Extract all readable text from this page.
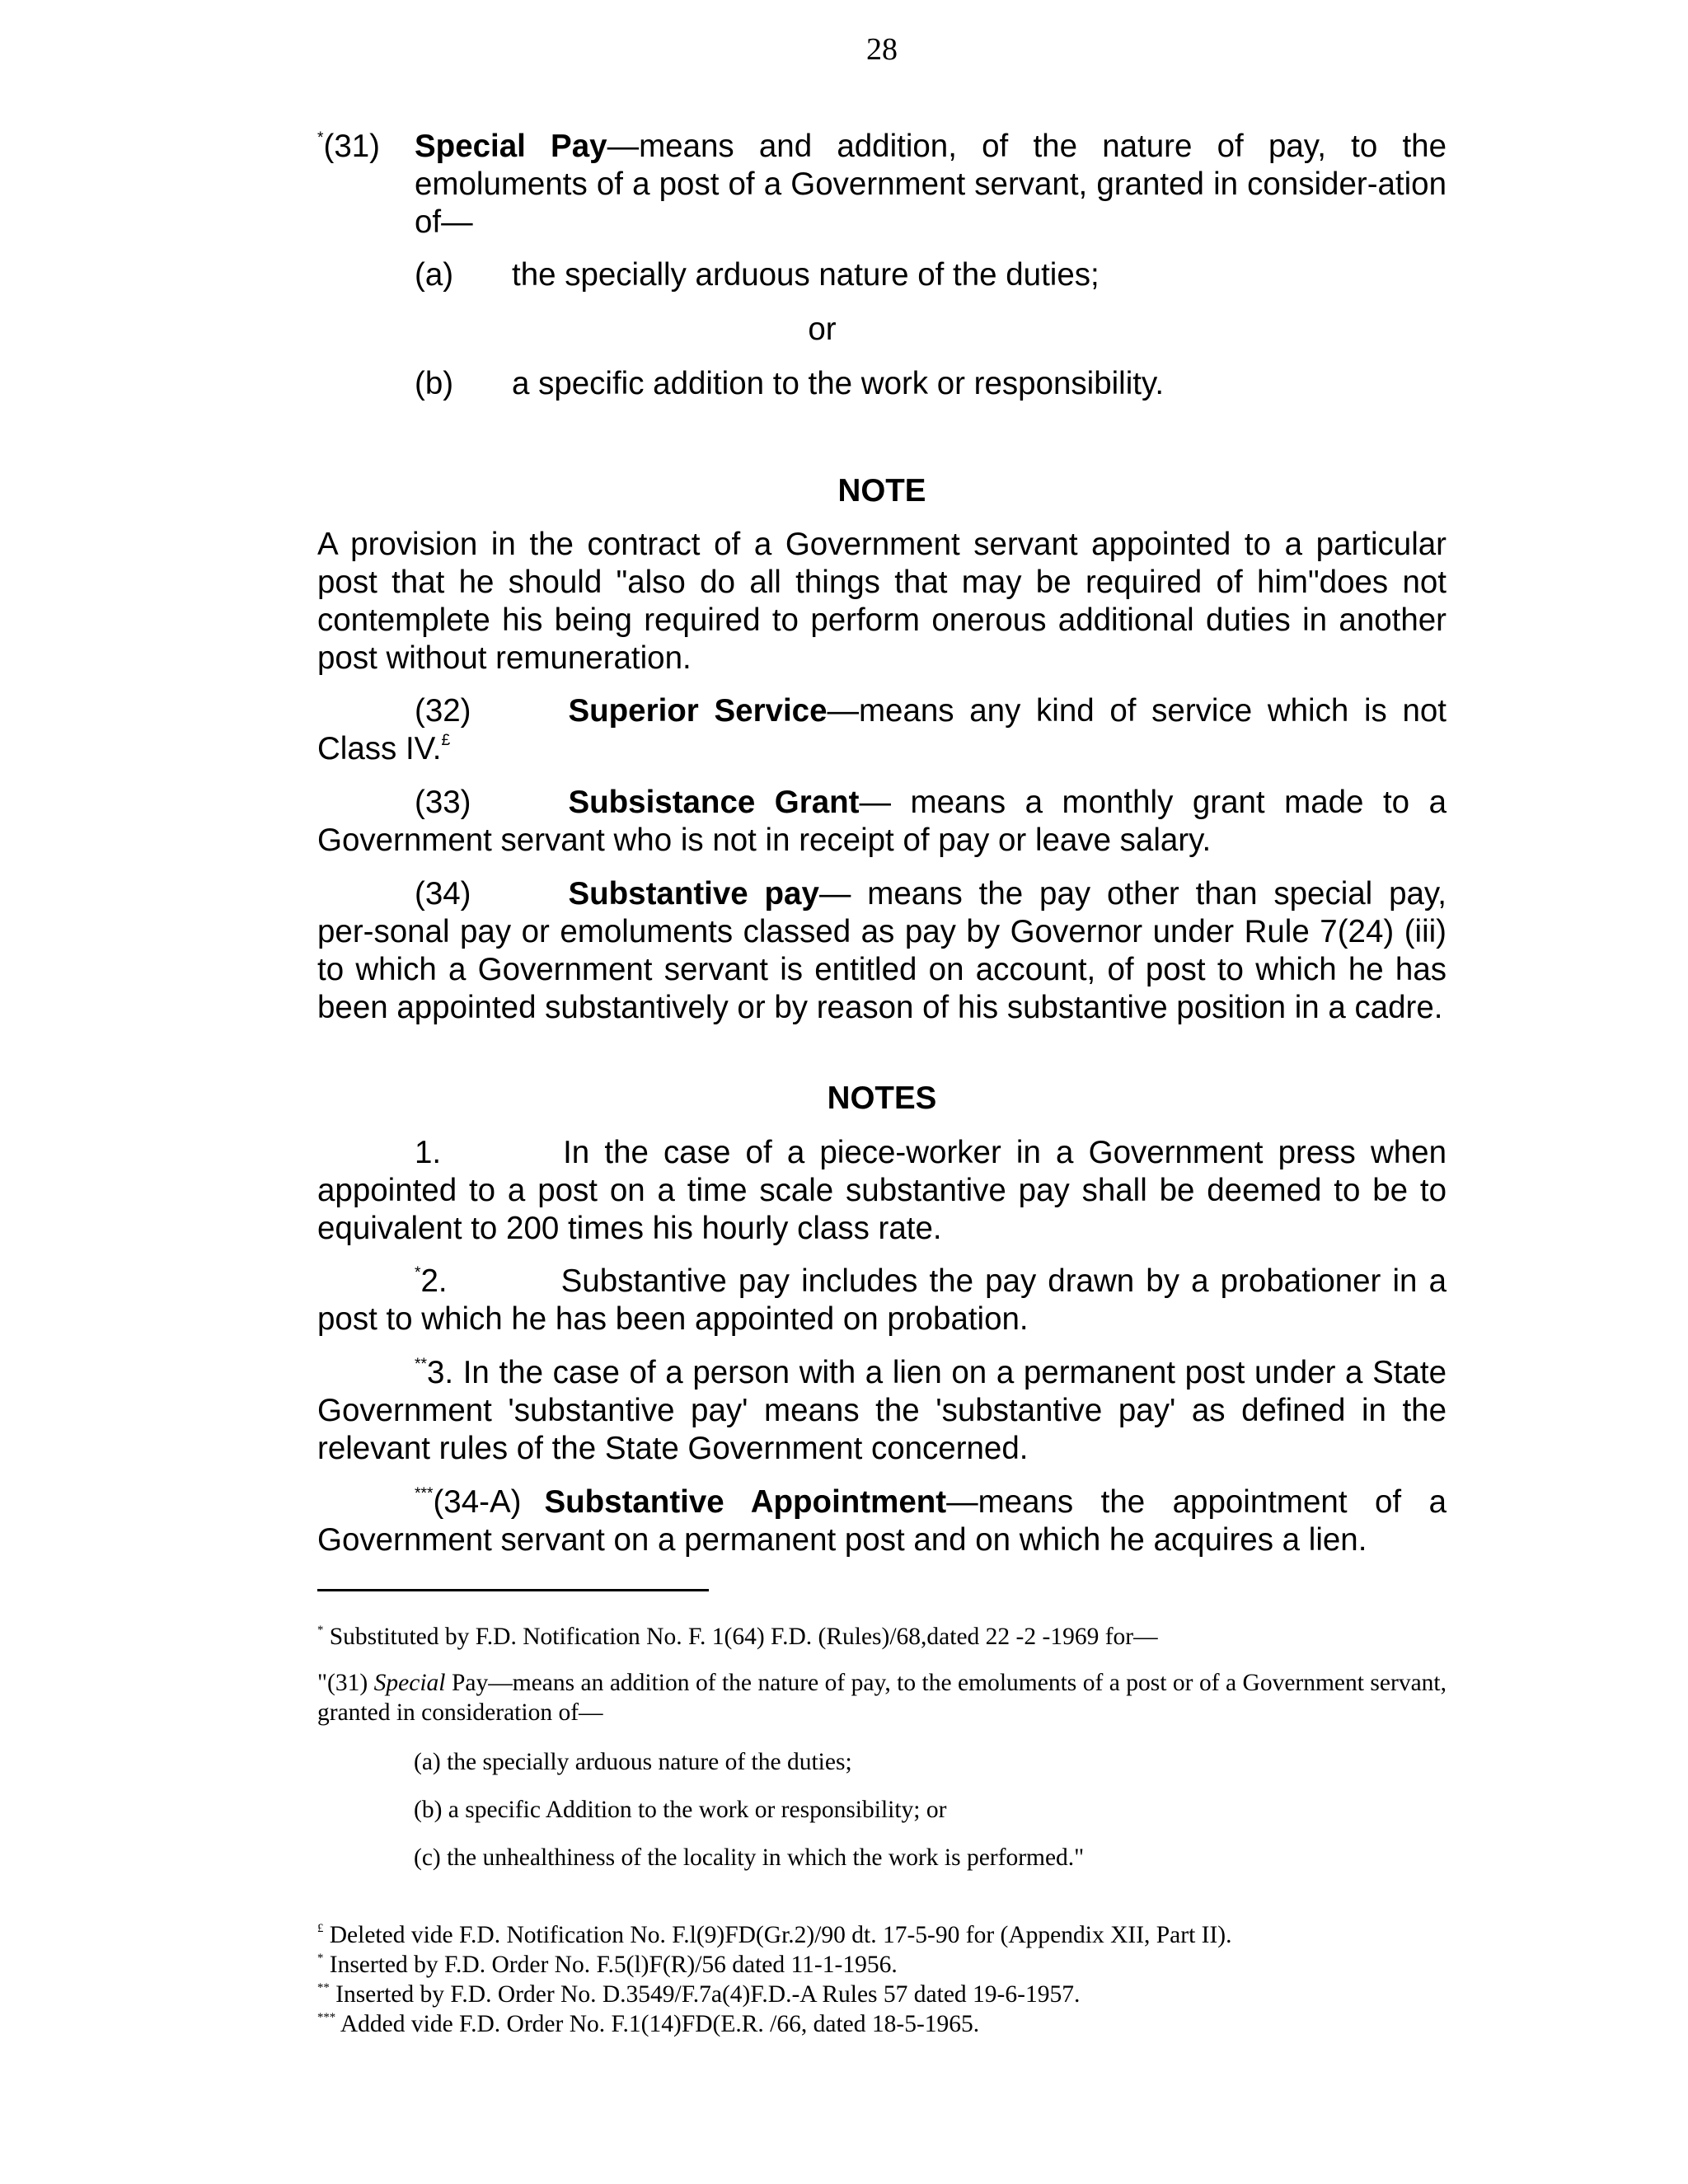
28
*(31) Special Pay—means and addition, of the nature of pay, to the emoluments of a post of a Government servant, granted in consider-ation of—
(a) the specially arduous nature of the duties;
or
(b) a specific addition to the work or responsibility.
NOTE
A provision in the contract of a Government servant appointed to a particular post that he should "also do all things that may be required of him"does not contemplete his being required to perform onerous additional duties in another post without remuneration.
(32)	Superior Service—means any kind of service which is not Class IV.£
(33)	Subsistance Grant— means a monthly grant made to a Government servant who is not in receipt of pay or leave salary.
(34)	Substantive pay— means the pay other than special pay, per-sonal pay or emoluments classed as pay by Governor under Rule 7(24) (iii) to which a Government servant is entitled on account, of post to which he has been appointed substantively or by reason of his substantive position in a cadre.
NOTES
1.	In the case of a piece-worker in a Government press when appointed to a post on a time scale substantive pay shall be deemed to be to equivalent to 200 times his hourly class rate.
*2.	Substantive pay includes the pay drawn by a probationer in a post to which he has been appointed on probation.
**3. In the case of a person with a lien on a permanent post under a State Government 'substantive pay' means the 'substantive pay' as defined in the relevant rules of the State Government concerned.
***(34-A) Substantive Appointment—means the appointment of a Government servant on a permanent post and on which he acquires a lien.
* Substituted by F.D. Notification No. F. 1(64) F.D. (Rules)/68,dated 22 -2 -1969 for—
"(31) Special Pay—means an addition of the nature of pay, to the emoluments of a post or of a Government servant, granted in consideration of—
(a) the specially arduous nature of the duties;
(b) a specific Addition to the work or responsibility; or
(c) the unhealthiness of the locality in which the work is performed."
£ Deleted vide F.D. Notification No. F.l(9)FD(Gr.2)/90 dt. 17-5-90 for (Appendix XII, Part II).
* Inserted by F.D. Order No. F.5(l)F(R)/56 dated 11-1-1956.
** Inserted by F.D. Order No. D.3549/F.7a(4)F.D.-A Rules 57 dated 19-6-1957.
*** Added vide F.D. Order No. F.1(14)FD(E.R. /66, dated 18-5-1965.
